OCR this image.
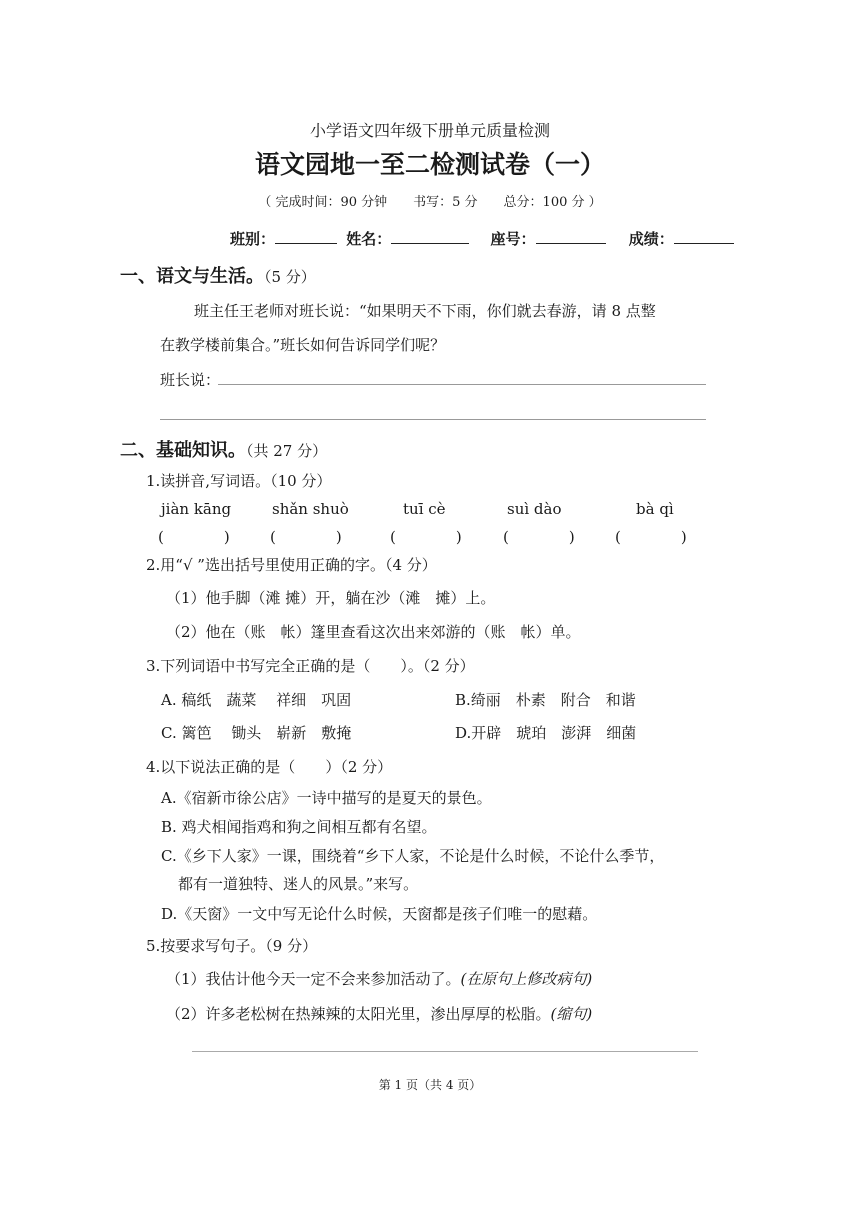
小学语文四年级下册单元质量检测
语文园地一至二检测试卷（一）
（ 完成时间：90 分钟　　书写：5 分　　总分：100 分 ）
班别：	姓名：	座号：	成绩：
一、语文与生活。（5 分）
班主任王老师对班长说：“如果明天不下雨，你们就去春游，请 8 点整
在教学楼前集合。”班长如何告诉同学们呢？
班长说：
二、基础知识。（共 27 分）
1.读拼音,写词语。（10 分）
jiàn kāng	shǎn shuò	tuī cè	suì dào	bà qì
(　　　　)	(　　　　)	(　　　　)	(　　　　)	(　　　　)
2.用“√ ”选出括号里使用正确的字。（4 分）
（1）他手脚（滩 摊）开，躺在沙（滩　摊）上。
（2）他在（账　帐）篷里查看这次出来郊游的（账　帐）单。
3.下列词语中书写完全正确的是（　　）。（2 分）
A. 稿纸　蔬菜　 祥细　巩固	B.绮丽　朴素　附合　和谐
C. 篱笆 　锄头　崭新　敷掩	D.开辟　琥珀　澎湃　细菌
4.以下说法正确的是（　　）（2 分）
A.《宿新市徐公店》一诗中描写的是夏天的景色。
B. 鸡犬相闻指鸡和狗之间相互都有名望。
C.《乡下人家》一课，围绕着“乡下人家，不论是什么时候，不论什么季节，
都有一道独特、迷人的风景。”来写。
D.《天窗》一文中写无论什么时候，天窗都是孩子们唯一的慰藉。
5.按要求写句子。（9 分）
（1）我估计他今天一定不会来参加活动了。(在原句上修改病句)
（2）许多老松树在热辣辣的太阳光里，渗出厚厚的松脂。(缩句)
第 1 页（共 4 页）
